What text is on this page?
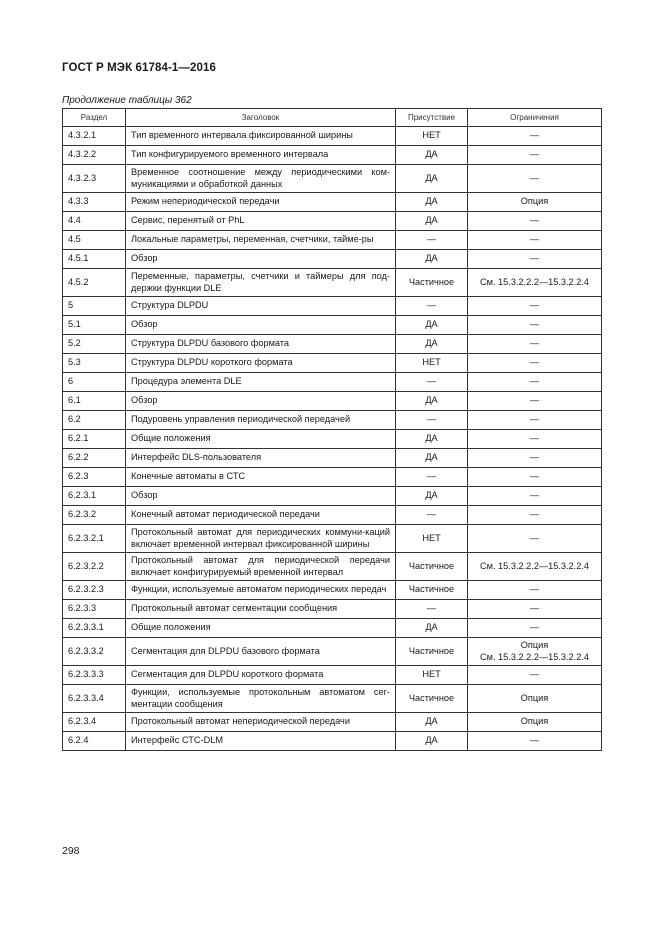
ГОСТ Р МЭК 61784-1—2016
Продолжение таблицы 362
Раздел	Заголовок	Присутствие	Ограничения
4.3.2.1	Тип временного интервала фиксированной ширины	НЕТ	—

4.3.2.2	Тип конфигурируемого временного интервала	ДА	—

4.3.2.3	Временное соотношение между периодическими ком-муникациями и обработкой данных	ДА	—

4.3.3	Режим непериодической передачи	ДА	Опция

4.4	Сервис, перенятый от PhL	ДА	—

4.5	Локальные параметры, переменная, счетчики, тайме-ры	—	—

4.5.1	Обзор	ДА	—

4.5.2	Переменные, параметры, счетчики и таймеры для под-держки функции DLE	Частичное	См. 15.3.2.2.2—15.3.2.2.4

5	Структура DLPDU	—	—

5.1	Обзор	ДА	—

5.2	Структура DLPDU базового формата	ДА	—

5.3	Структура DLPDU короткого формата	НЕТ	—

6	Процедура элемента DLE	—	—

6.1	Обзор	ДА	—

6.2	Подуровень управления периодической передачей	—	—

6.2.1	Общие положения	ДА	—

6.2.2	Интерфейс DLS-пользователя	ДА	—

6.2.3	Конечные автоматы в СТС	—	—

6.2.3.1	Обзор	ДА	—

6.2.3.2	Конечный автомат периодической передачи	—	—

6.2.3.2.1	Протокольный автомат для периодических коммуни-каций включает временной интервал фиксированной ширины	НЕТ	—

6.2.3.2.2	Протокольный автомат для периодической передачи включает конфигурируемый временной интервал	Частичное	См. 15.3.2.2.2—15.3.2.2.4

6.2.3.2.3	Функции, используемые автоматом периодических передач	Частичное	—

6.2.3.3	Протокольный автомат сегментации сообщения	—	—

6.2.3.3.1	Общие положения	ДА	—

6.2.3.3.2	Сегментация для DLPDU базового формата	Частичное	Опция
См. 15.3.2.2.2—15.3.2.2.4

6.2.3.3.3	Сегментация для DLPDU короткого формата	НЕТ	—

6.2.3.3.4	Функции, используемые протокольным автоматом сег-ментации сообщения	Частичное	Опция

6.2.3.4	Протокольный автомат непериодической передачи	ДА	Опция

6.2.4	Интерфейс СТС-DLM	ДА	—
298
